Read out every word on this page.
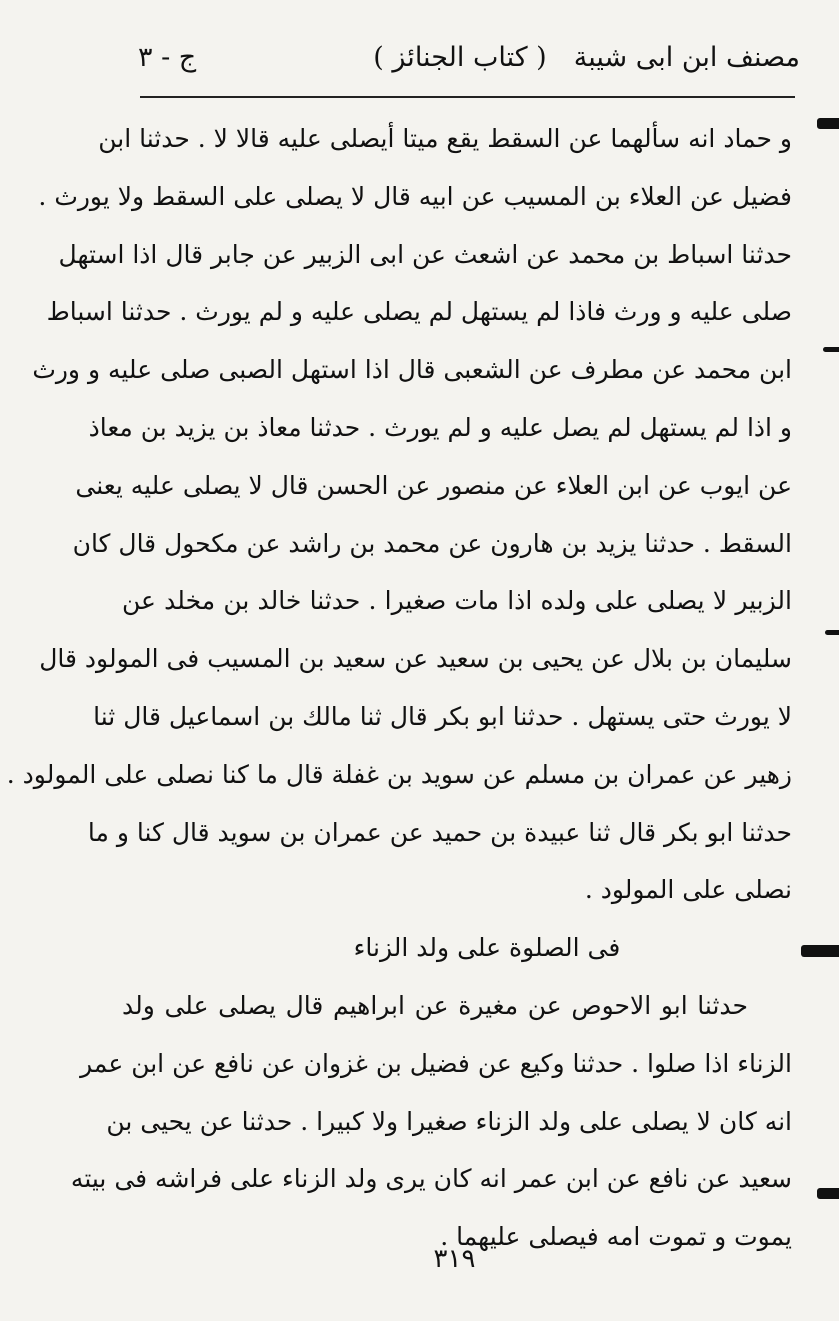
مصنف ابن ابى شيبة
( كتاب الجنائز )
ج - ٣
و حماد انه سألهما عن السقط يقع ميتا أيصلى عليه قالا لا . حدثنا ابن
فضيل عن العلاء بن المسيب عن ابيه قال لا يصلى على السقط ولا يورث .
حدثنا اسباط بن محمد عن اشعث عن ابى الزبير عن جابر قال اذا استهل
صلى عليه و ورث فاذا لم يستهل لم يصلى عليه و لم يورث . حدثنا اسباط
ابن محمد عن مطرف عن الشعبى قال اذا استهل الصبى صلى عليه و ورث
و اذا لم يستهل لم يصل عليه و لم يورث . حدثنا معاذ بن يزيد بن معاذ
عن ايوب عن ابن العلاء عن منصور عن الحسن قال لا يصلى عليه يعنى
السقط . حدثنا يزيد بن هارون عن محمد بن راشد عن مكحول قال كان
الزبير لا يصلى على ولده اذا مات صغيرا . حدثنا خالد بن مخلد عن
سليمان بن بلال عن يحيى بن سعيد عن سعيد بن المسيب فى المولود قال
لا يورث حتى يستهل . حدثنا ابو بكر قال ثنا مالك بن اسماعيل قال ثنا
زهير عن عمران بن مسلم عن سويد بن غفلة قال ما كنا نصلى على المولود .
حدثنا ابو بكر قال ثنا عبيدة بن حميد عن عمران بن سويد قال كنا و ما
نصلى على المولود .
فى الصلوة على ولد الزناء
حدثنا ابو الاحوص عن مغيرة عن ابراهيم قال يصلى على ولد
الزناء اذا صلوا . حدثنا وكيع عن فضيل بن غزوان عن نافع عن ابن عمر
انه كان لا يصلى على ولد الزناء صغيرا ولا كبيرا . حدثنا عن يحيى بن
سعيد عن نافع عن ابن عمر انه كان يرى ولد الزناء على فراشه فى بيته
يموت و تموت امه فيصلى عليهما .
٣١٩
